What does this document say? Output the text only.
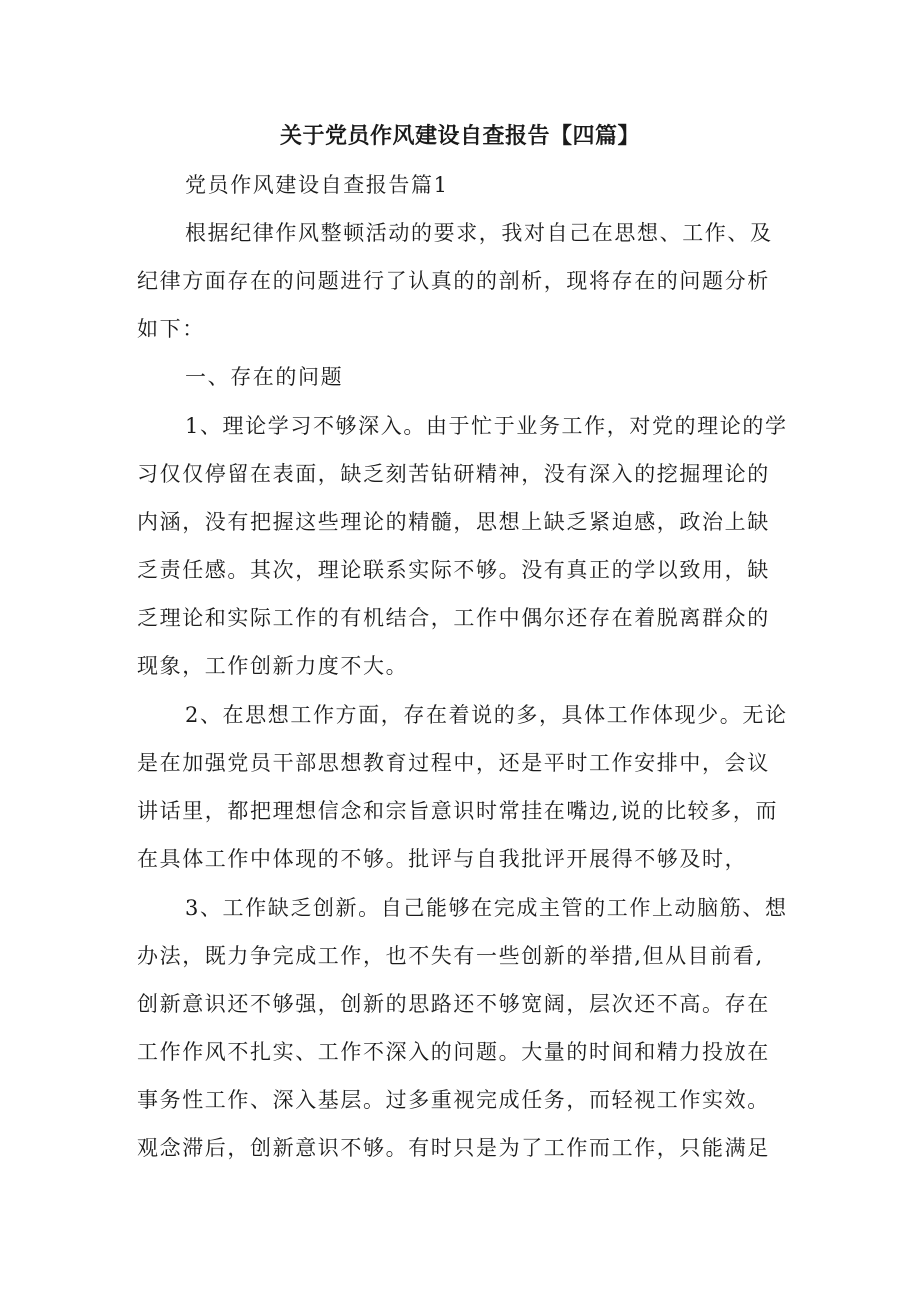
关于党员作风建设自查报告【四篇】
党员作风建设自查报告篇1
根据纪律作风整顿活动的要求，我对自己在思想、工作、及
纪律方面存在的问题进行了认真的的剖析，现将存在的问题分析
如下：
一、存在的问题
1、理论学习不够深入。由于忙于业务工作，对党的理论的学
习仅仅停留在表面，缺乏刻苦钻研精神，没有深入的挖掘理论的
内涵，没有把握这些理论的精髓，思想上缺乏紧迫感，政治上缺
乏责任感。其次，理论联系实际不够。没有真正的学以致用，缺
乏理论和实际工作的有机结合，工作中偶尔还存在着脱离群众的
现象，工作创新力度不大。
2、在思想工作方面，存在着说的多，具体工作体现少。无论
是在加强党员干部思想教育过程中，还是平时工作安排中，会议
讲话里，都把理想信念和宗旨意识时常挂在嘴边,说的比较多，而
在具体工作中体现的不够。批评与自我批评开展得不够及时，
3、工作缺乏创新。自己能够在完成主管的工作上动脑筋、想
办法，既力争完成工作，也不失有一些创新的举措,但从目前看,
创新意识还不够强，创新的思路还不够宽阔，层次还不高。存在
工作作风不扎实、工作不深入的问题。大量的时间和精力投放在
事务性工作、深入基层。过多重视完成任务，而轻视工作实效。
观念滞后，创新意识不够。有时只是为了工作而工作，只能满足
